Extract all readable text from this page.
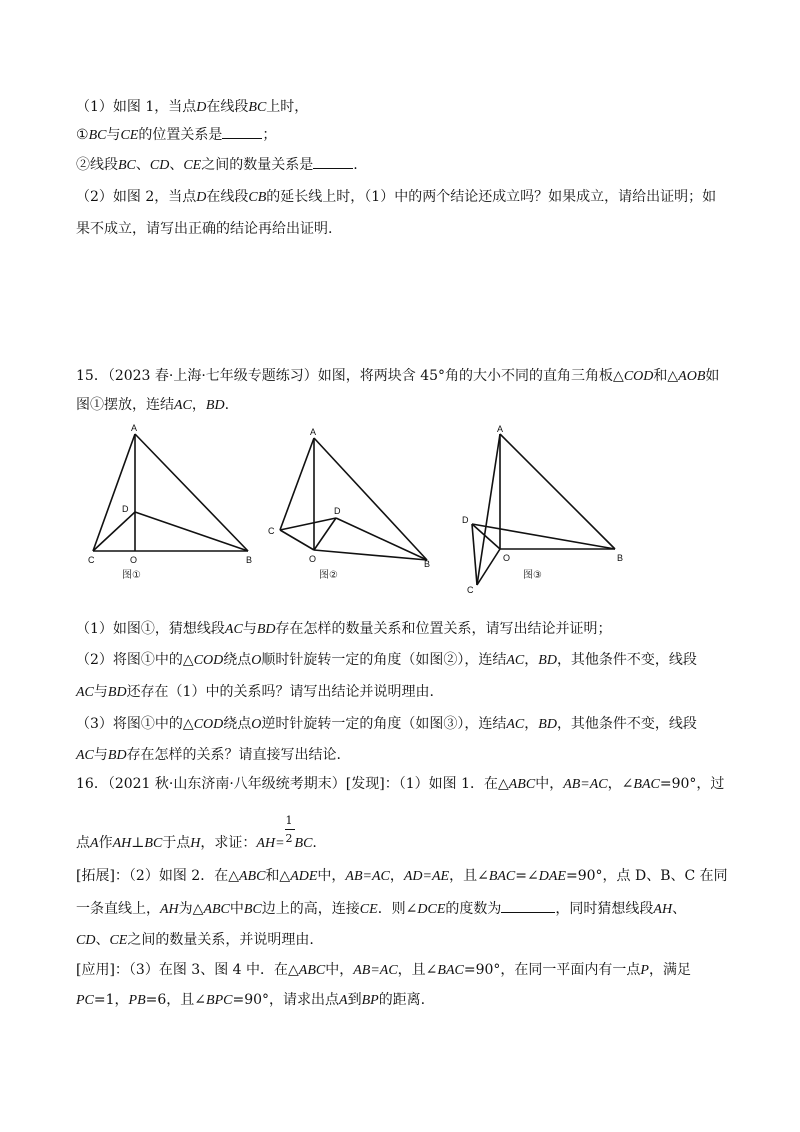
（1）如图 1，当点D在线段BC上时，
①BC与CE的位置关系是	；
②线段BC、CD、CE之间的数量关系是	.
（2）如图 2，当点D在线段CB的延长线上时，（1）中的两个结论还成立吗？如果成立，请给出证明；如
果不成立，请写出正确的结论再给出证明.
15．（2023 春·上海·七年级专题练习）如图，将两块含 45°角的大小不同的直角三角板△COD和△AOB如
图①摆放，连结AC，BD.
A
D
C	O	B
图①
A
D
C
O	B
图②
A
D
O	B
C
图③
（1）如图①，猜想线段AC与BD存在怎样的数量关系和位置关系，请写出结论并证明；
（2）将图①中的△COD绕点O顺时针旋转一定的角度（如图②），连结AC，BD，其他条件不变，线段
AC与BD还存在（1）中的关系吗？请写出结论并说明理由.
（3）将图①中的△COD绕点O逆时针旋转一定的角度（如图③），连结AC，BD，其他条件不变，线段
AC与BD存在怎样的关系？请直接写出结论.
16．（2021 秋·山东济南·八年级统考期末）[发现]：（1）如图 1．在△ABC中，AB=AC，∠BAC=90°，过
点A作AH⊥BC于点H，求证：$AH= \frac{1}{2}$ BC.
[拓展]：（2）如图 2．在△ABC和△ADE中，AB=AC，AD=AE，且∠BAC=∠DAE=90°，点 D、B、C 在同
一条直线上，AH为△ABC中BC边上的高，连接CE．则∠DCE的度数为	，同时猜想线段AH、
CD、CE之间的数量关系，并说明理由.
[应用]：（3）在图 3、图 4 中．在△ABC中，AB=AC，且∠BAC=90°，在同一平面内有一点P，满足
PC=1，PB=6，且∠BPC=90°，请求出点A到BP的距离.
